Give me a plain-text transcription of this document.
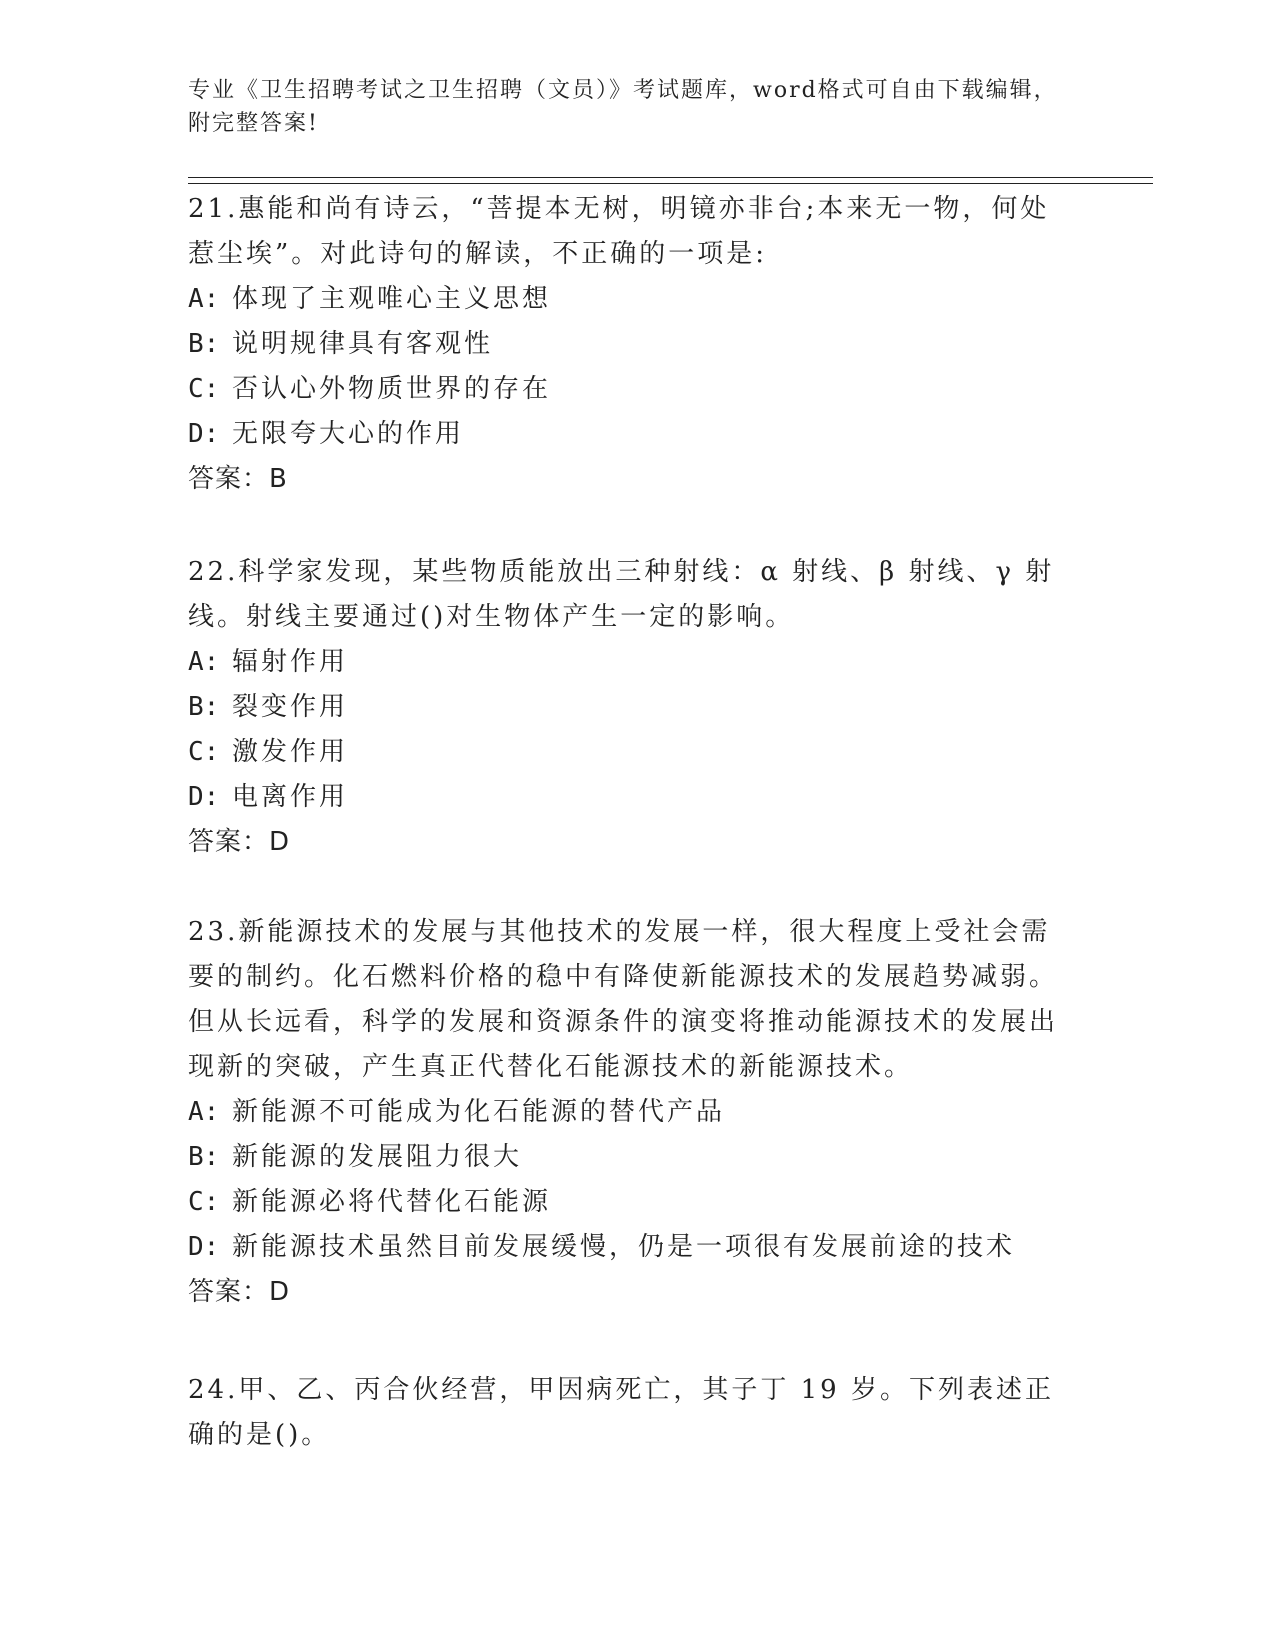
专业《卫生招聘考试之卫生招聘（文员）》考试题库，word格式可自由下载编辑，附完整答案!
21.惠能和尚有诗云，“菩提本无树，明镜亦非台;本来无一物，何处惹尘埃”。对此诗句的解读，不正确的一项是:
A: 体现了主观唯心主义思想
B: 说明规律具有客观性
C: 否认心外物质世界的存在
D: 无限夸大心的作用
答案：B
22.科学家发现，某些物质能放出三种射线：α 射线、β 射线、γ 射线。射线主要通过()对生物体产生一定的影响。
A: 辐射作用
B: 裂变作用
C: 激发作用
D: 电离作用
答案：D
23.新能源技术的发展与其他技术的发展一样，很大程度上受社会需要的制约。化石燃料价格的稳中有降使新能源技术的发展趋势减弱。但从长远看，科学的发展和资源条件的演变将推动能源技术的发展出现新的突破，产生真正代替化石能源技术的新能源技术。
A: 新能源不可能成为化石能源的替代产品
B: 新能源的发展阻力很大
C: 新能源必将代替化石能源
D: 新能源技术虽然目前发展缓慢，仍是一项很有发展前途的技术
答案：D
24.甲、乙、丙合伙经营，甲因病死亡，其子丁 19 岁。下列表述正确的是()。
